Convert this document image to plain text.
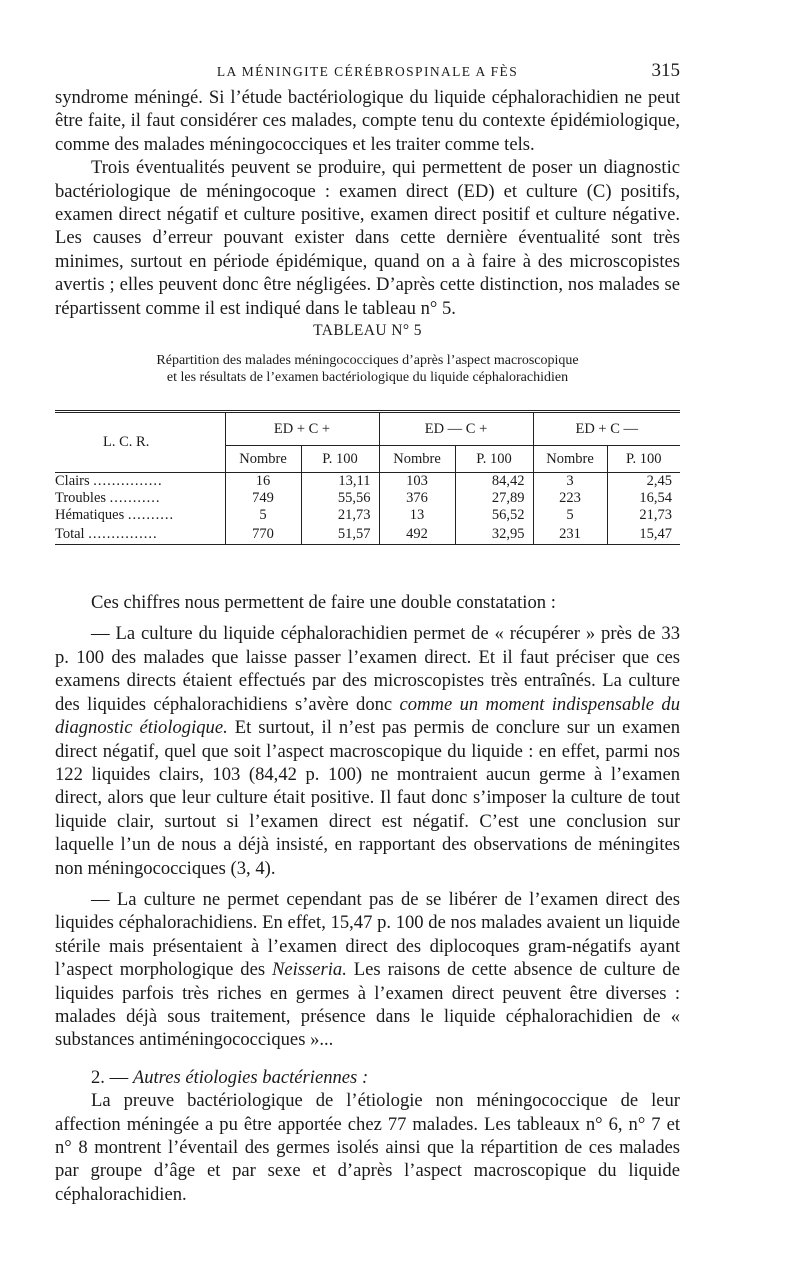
LA MÉNINGITE CÉRÉBROSPINALE A FÈS	315

syndrome méningé. Si l’étude bactériologique du liquide céphalorachidien ne peut être faite, il faut considérer ces malades, compte tenu du contexte épidémiologique, comme des malades méningococciques et les traiter comme tels.

Trois éventualités peuvent se produire, qui permettent de poser un diagnostic bactériologique de méningocoque : examen direct (ED) et culture (C) positifs, examen direct négatif et culture positive, examen direct positif et culture négative. Les causes d’erreur pouvant exister dans cette dernière éventualité sont très minimes, surtout en période épidémique, quand on a à faire à des microscopistes avertis ; elles peuvent donc être négligées. D’après cette distinction, nos malades se répartissent comme il est indiqué dans le tableau n° 5.

TABLEAU N° 5
Répartition des malades méningococciques d’après l’aspect macroscopique
et les résultats de l’examen bactériologique du liquide céphalorachidien
L. C. R.	ED + C +		ED — C +		ED + C —	
	Nombre	P. 100	Nombre	P. 100	Nombre	P. 100
Clairs ...............	16	13,11	103	84,42	3	2,45
Troubles ...........	749	55,56	376	27,89	223	16,54
Hématiques ..........	5	21,73	13	56,52	5	21,73
Total ...............	770	51,57	492	32,95	231	15,47

Ces chiffres nous permettent de faire une double constatation :

— La culture du liquide céphalorachidien permet de « récupérer » près de 33 p. 100 des malades que laisse passer l’examen direct. Et il faut préciser que ces examens directs étaient effectués par des microscopistes très entraînés. La culture des liquides céphalorachidiens s’avère donc comme un moment indispensable du diagnostic étiologique. Et surtout, il n’est pas permis de conclure sur un examen direct négatif, quel que soit l’aspect macroscopique du liquide : en effet, parmi nos 122 liquides clairs, 103 (84,42 p. 100) ne montraient aucun germe à l’examen direct, alors que leur culture était positive. Il faut donc s’imposer la culture de tout liquide clair, surtout si l’examen direct est négatif. C’est une conclusion sur laquelle l’un de nous a déjà insisté, en rapportant des observations de méningites non méningococciques (3, 4).

— La culture ne permet cependant pas de se libérer de l’examen direct des liquides céphalorachidiens. En effet, 15,47 p. 100 de nos malades avaient un liquide stérile mais présentaient à l’examen direct des diplocoques gram-négatifs ayant l’aspect morphologique des Neisseria. Les raisons de cette absence de culture de liquides parfois très riches en germes à l’examen direct peuvent être diverses : malades déjà sous traitement, présence dans le liquide céphalorachidien de « substances antiméningococciques »...

2. — Autres étiologies bactériennes :

La preuve bactériologique de l’étiologie non méningococcique de leur affection méningée a pu être apportée chez 77 malades. Les tableaux n° 6, n° 7 et n° 8 montrent l’éventail des germes isolés ainsi que la répartition de ces malades par groupe d’âge et par sexe et d’après l’aspect macroscopique du liquide céphalorachidien.
